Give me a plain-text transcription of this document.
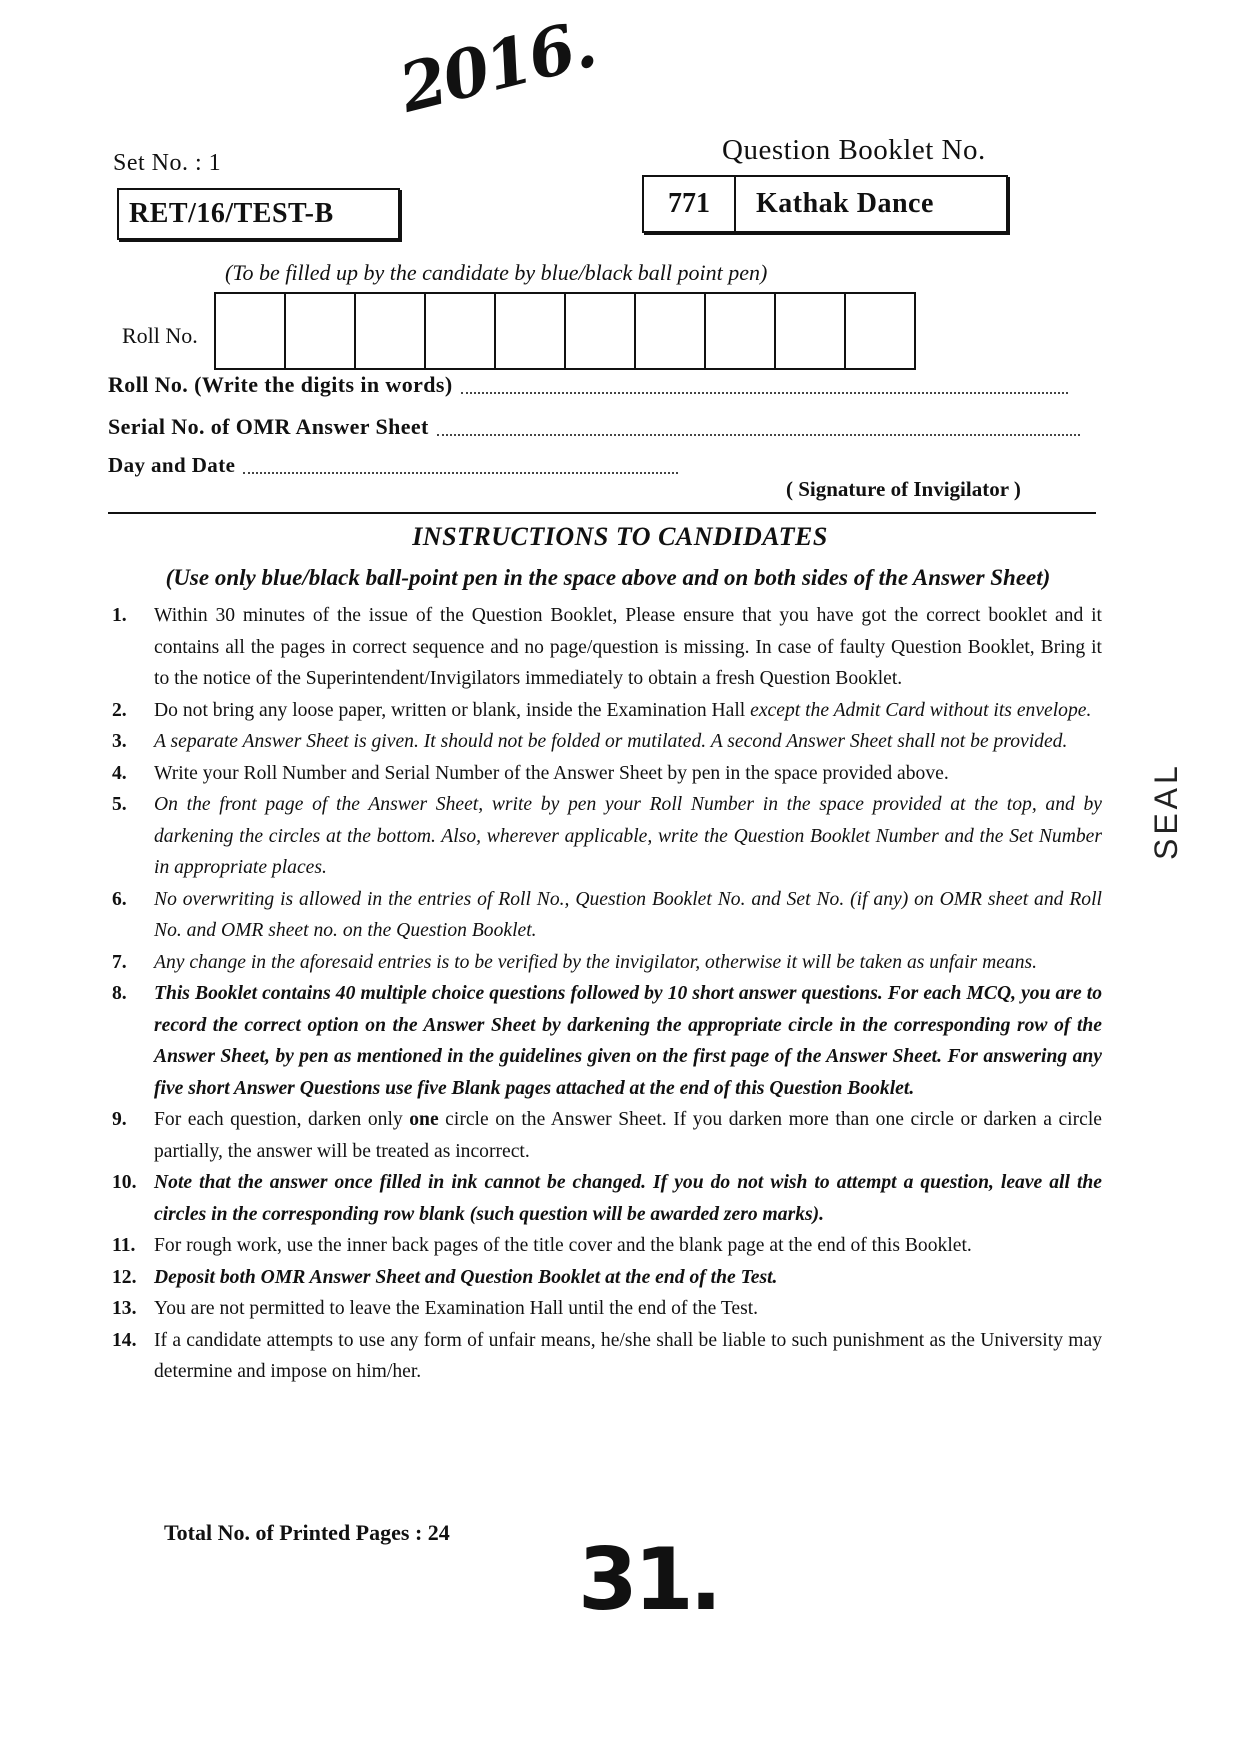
2016.
Set No. : 1	Question Booklet No.
RET/16/TEST-B	771	Kathak Dance
(To be filled up by the candidate by blue/black ball point pen)
Roll No.
Roll No. (Write the digits in words)
Serial No. of OMR Answer Sheet
Day and Date
( Signature of Invigilator )
INSTRUCTIONS TO CANDIDATES
(Use only blue/black ball-point pen in the space above and on both sides of the Answer Sheet)
1.	Within 30 minutes of the issue of the Question Booklet, Please ensure that you have got the correct booklet and it contains all the pages in correct sequence and no page/question is missing. In case of faulty Question Booklet, Bring it to the notice of the Superintendent/Invigilators immediately to obtain a fresh Question Booklet.
2.	Do not bring any loose paper, written or blank, inside the Examination Hall except the Admit Card without its envelope.
3.	A separate Answer Sheet is given. It should not be folded or mutilated. A second Answer Sheet shall not be provided.
4.	Write your Roll Number and Serial Number of the Answer Sheet by pen in the space provided above.
5.	On the front page of the Answer Sheet, write by pen your Roll Number in the space provided at the top, and by darkening the circles at the bottom. Also, wherever applicable, write the Question Booklet Number and the Set Number in appropriate places.
6.	No overwriting is allowed in the entries of Roll No., Question Booklet No. and Set No. (if any) on OMR sheet and Roll No. and OMR sheet no. on the Question Booklet.
7.	Any change in the aforesaid entries is to be verified by the invigilator, otherwise it will be taken as unfair means.
8.	This Booklet contains 40 multiple choice questions followed by 10 short answer questions. For each MCQ, you are to record the correct option on the Answer Sheet by darkening the appropriate circle in the corresponding row of the Answer Sheet, by pen as mentioned in the guidelines given on the first page of the Answer Sheet. For answering any five short Answer Questions use five Blank pages attached at the end of this Question Booklet.
9.	For each question, darken only one circle on the Answer Sheet. If you darken more than one circle or darken a circle partially, the answer will be treated as incorrect.
10. Note that the answer once filled in ink cannot be changed. If you do not wish to attempt a question, leave all the circles in the corresponding row blank (such question will be awarded zero marks).
11. For rough work, use the inner back pages of the title cover and the blank page at the end of this Booklet.
12. Deposit both OMR Answer Sheet and Question Booklet at the end of the Test.
13. You are not permitted to leave the Examination Hall until the end of the Test.
14. If a candidate attempts to use any form of unfair means, he/she shall be liable to such punishment as the University may determine and impose on him/her.
Total No. of Printed Pages : 24 31.
SEAL
